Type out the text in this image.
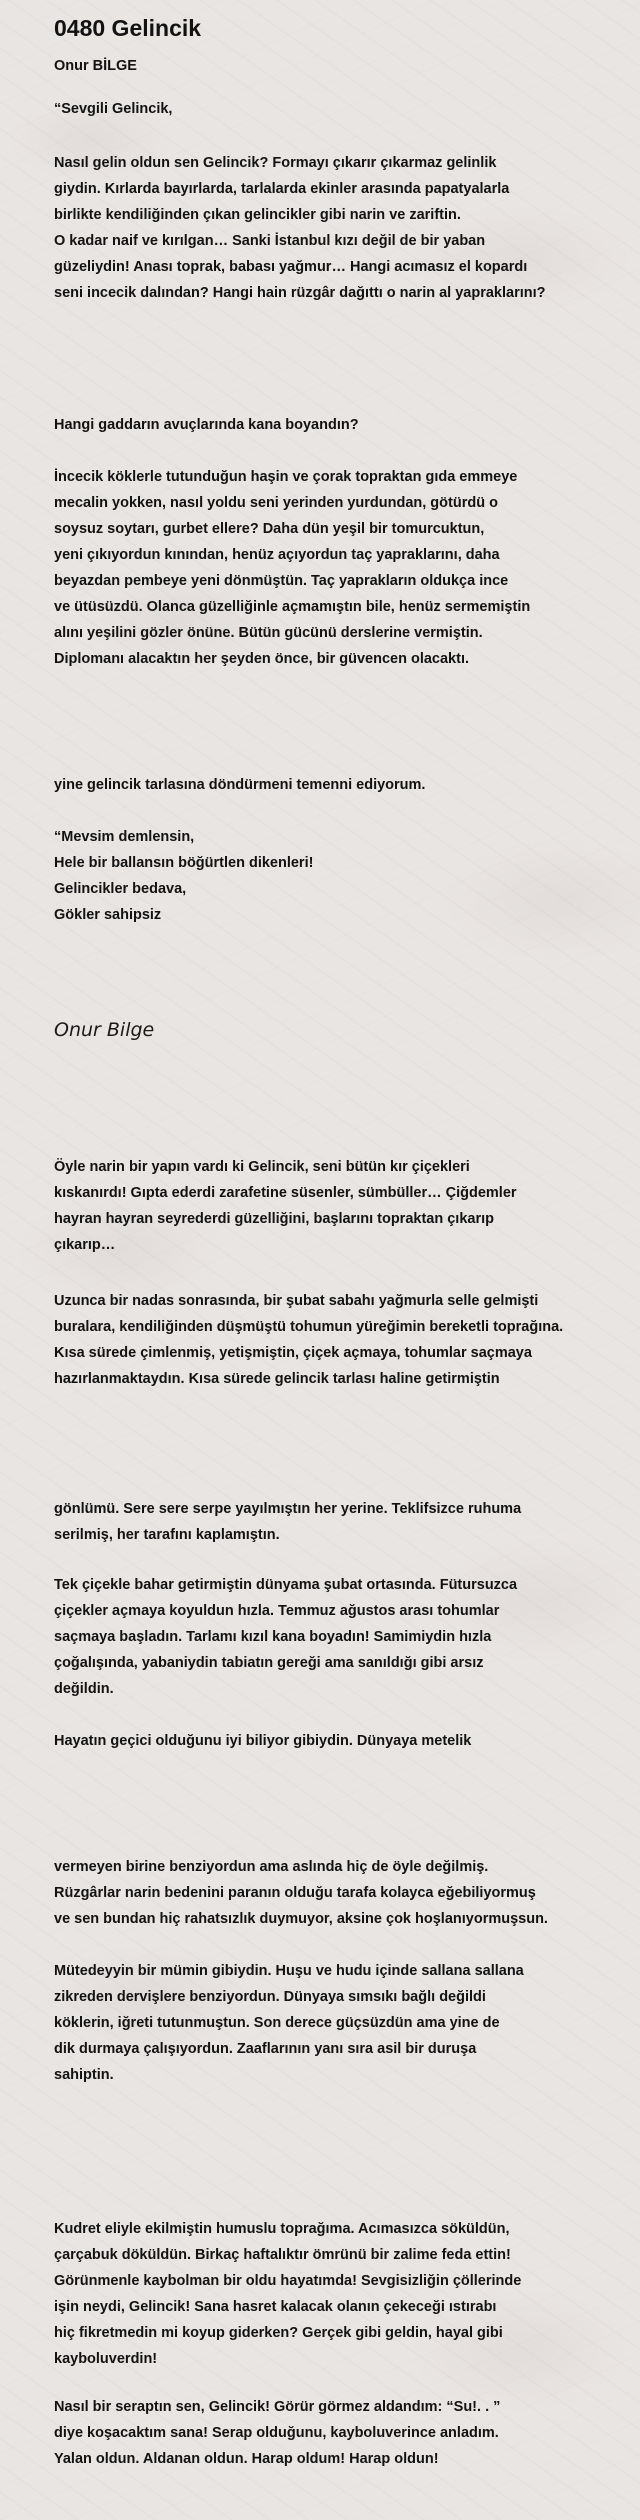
0480 Gelincik
Onur BİLGE
“Sevgili Gelincik,
Nasıl gelin oldun sen Gelincik? Formayı çıkarır çıkarmaz gelinlik
giydin. Kırlarda bayırlarda, tarlalarda ekinler arasında papatyalarla
birlikte kendiliğinden çıkan gelincikler gibi narin ve zariftin.
O kadar naif ve kırılgan… Sanki İstanbul kızı değil de bir yaban
güzeliydin! Anası toprak, babası yağmur… Hangi acımasız el kopardı
seni incecik dalından? Hangi hain rüzgâr dağıttı o narin al yapraklarını?
Hangi gaddarın avuçlarında kana boyandın?
İncecik köklerle tutunduğun haşin ve çorak topraktan gıda emmeye
mecalin yokken, nasıl yoldu seni yerinden yurdundan, götürdü o
soysuz soytarı, gurbet ellere? Daha dün yeşil bir tomurcuktun,
yeni çıkıyordun kınından, henüz açıyordun taç yapraklarını, daha
beyazdan pembeye yeni dönmüştün. Taç yaprakların oldukça ince
ve ütüsüzdü. Olanca güzelliğinle açmamıştın bile, henüz sermemiştin
alını yeşilini gözler önüne. Bütün gücünü derslerine vermiştin.
Diplomanı alacaktın her şeyden önce, bir güvencen olacaktı.
yine gelincik tarlasına döndürmeni temenni ediyorum.
“Mevsim demlensin,
Hele bir ballansın böğürtlen dikenleri!
Gelincikler bedava,
Gökler sahipsiz
Onur Bilge
Öyle narin bir yapın vardı ki Gelincik, seni bütün kır çiçekleri
kıskanırdı! Gıpta ederdi zarafetine süsenler, sümbüller… Çiğdemler
hayran hayran seyrederdi güzelliğini, başlarını topraktan çıkarıp
çıkarıp…
Uzunca bir nadas sonrasında, bir şubat sabahı yağmurla selle gelmişti
buralara, kendiliğinden düşmüştü tohumun yüreğimin bereketli toprağına.
Kısa sürede çimlenmiş, yetişmiştin, çiçek açmaya, tohumlar saçmaya
hazırlanmaktaydın. Kısa sürede gelincik tarlası haline getirmiştin
gönlümü. Sere sere serpe yayılmıştın her yerine. Teklifsizce ruhuma
serilmiş, her tarafını kaplamıştın.
Tek çiçekle bahar getirmiştin dünyama şubat ortasında. Fütursuzca
çiçekler açmaya koyuldun hızla. Temmuz ağustos arası tohumlar
saçmaya başladın. Tarlamı kızıl kana boyadın! Samimiydin hızla
çoğalışında, yabaniydin tabiatın gereği ama sanıldığı gibi arsız
değildin.
Hayatın geçici olduğunu iyi biliyor gibiydin. Dünyaya metelik
vermeyen birine benziyordun ama aslında hiç de öyle değilmiş.
Rüzgârlar narin bedenini paranın olduğu tarafa kolayca eğebiliyormuş
ve sen bundan hiç rahatsızlık duymuyor, aksine çok hoşlanıyormuşsun.
Mütedeyyin bir mümin gibiydin. Huşu ve hudu içinde sallana sallana
zikreden dervişlere benziyordun. Dünyaya sımsıkı bağlı değildi
köklerin, iğreti tutunmuştun. Son derece güçsüzdün ama yine de
dik durmaya çalışıyordun. Zaaflarının yanı sıra asil bir duruşa
sahiptin.
Kudret eliyle ekilmiştin humuslu toprağıma. Acımasızca söküldün,
çarçabuk döküldün. Birkaç haftalıktır ömrünü bir zalime feda ettin!
Görünmenle kaybolman bir oldu hayatımda! Sevgisizliğin çöllerinde
işin neydi, Gelincik! Sana hasret kalacak olanın çekeceği ıstırabı
hiç fikretmedin mi koyup giderken? Gerçek gibi geldin, hayal gibi
kayboluverdin!
Nasıl bir seraptın sen, Gelincik! Görür görmez aldandım: “Su!. . ”
diye koşacaktım sana! Serap olduğunu, kayboluverince anladım.
Yalan oldun. Aldanan oldun. Harap oldum! Harap oldun!
